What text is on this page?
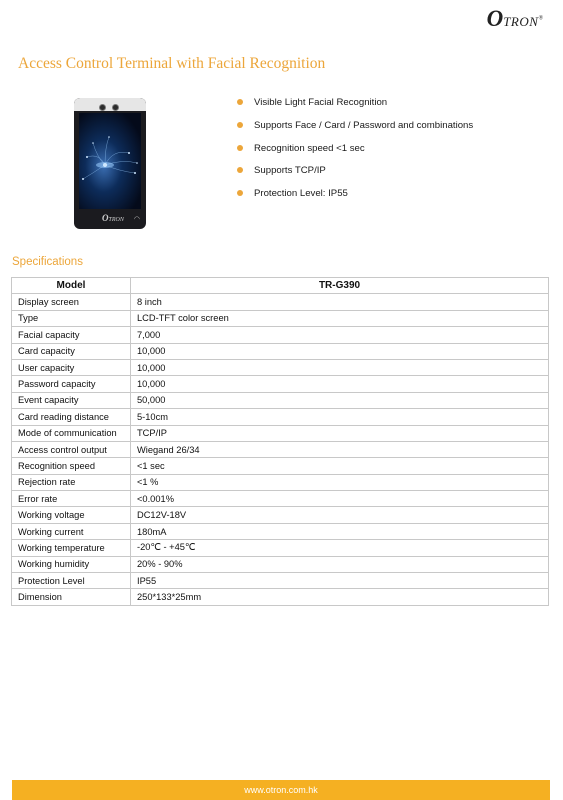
OTRON®
Access Control Terminal with Facial Recognition
OTRON ◠
Visible Light Facial Recognition
Supports Face / Card / Password and combinations
Recognition speed <1 sec
Supports TCP/IP
Protection Level: IP55
Specifications
Model	TR-G390
Display screen	8 inch
Type	LCD-TFT color screen
Facial capacity	7,000
Card capacity	10,000
User capacity	10,000
Password capacity	10,000
Event capacity	50,000
Card reading distance	5-10cm
Mode of communication	TCP/IP
Access control output	Wiegand 26/34
Recognition speed	<1 sec
Rejection rate	<1 %
Error rate	<0.001%
Working voltage	DC12V-18V
Working current	180mA
Working temperature	-20℃ - +45℃
Working humidity	20% - 90%
Protection Level	IP55
Dimension	250*133*25mm
www.otron.com.hk
